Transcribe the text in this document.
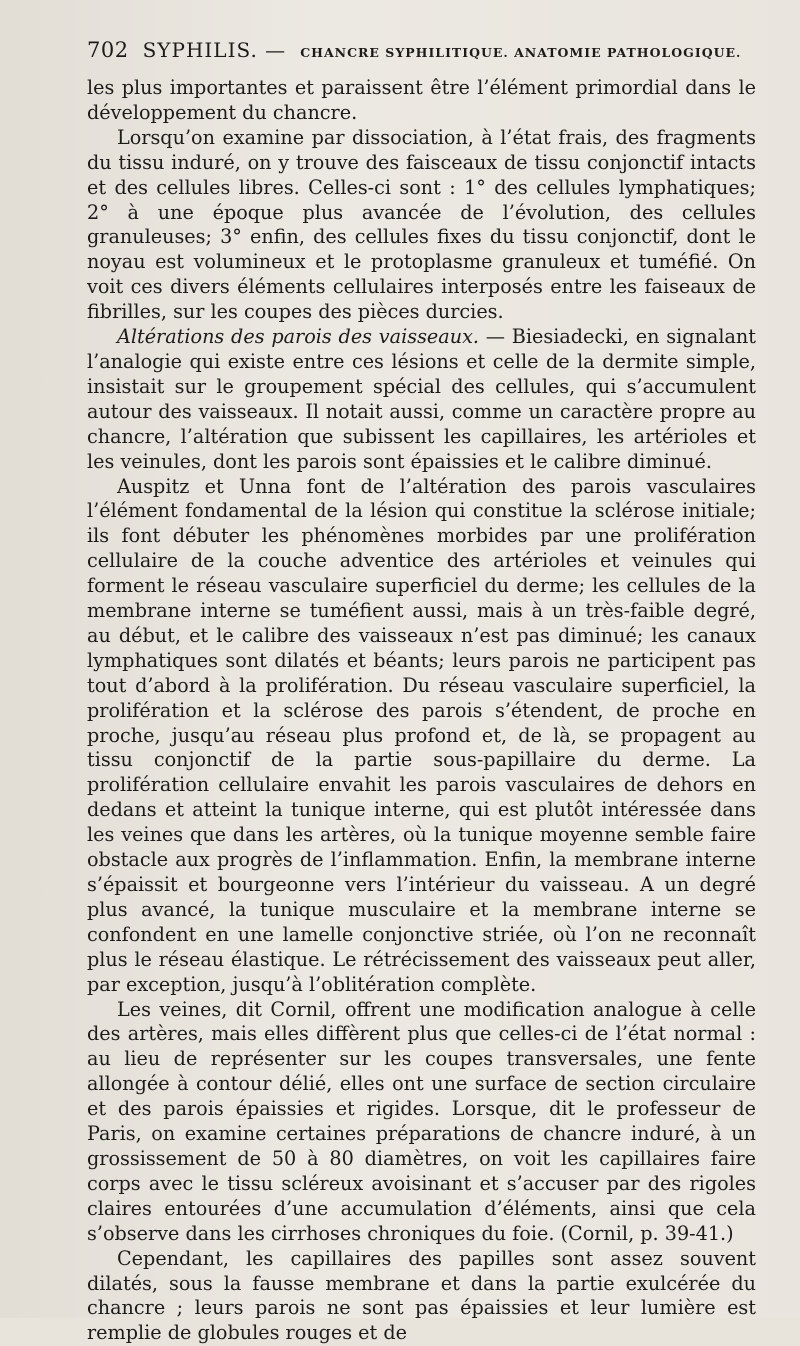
702 SYPHILIS. — CHANCRE SYPHILITIQUE. ANATOMIE PATHOLOGIQUE.

les plus importantes et paraissent être l’élément primordial dans le développement du chancre.

Lorsqu’on examine par dissociation, à l’état frais, des fragments du tissu induré, on y trouve des faisceaux de tissu conjonctif intacts et des cellules libres. Celles-ci sont : 1° des cellules lymphatiques; 2° à une époque plus avancée de l’évolution, des cellules granuleuses; 3° enfin, des cellules fixes du tissu conjonctif, dont le noyau est volumineux et le protoplasme granuleux et tuméfié. On voit ces divers éléments cellulaires interposés entre les faiseaux de fibrilles, sur les coupes des pièces durcies.

Altérations des parois des vaisseaux. — Biesiadecki, en signalant l’analogie qui existe entre ces lésions et celle de la dermite simple, insistait sur le groupement spécial des cellules, qui s’accumulent autour des vaisseaux. Il notait aussi, comme un caractère propre au chancre, l’altération que subissent les capillaires, les artérioles et les veinules, dont les parois sont épaissies et le calibre diminué.

Auspitz et Unna font de l’altération des parois vasculaires l’élément fondamental de la lésion qui constitue la sclérose initiale; ils font débuter les phénomènes morbides par une prolifération cellulaire de la couche adventice des artérioles et veinules qui forment le réseau vasculaire superficiel du derme; les cellules de la membrane interne se tuméfient aussi, mais à un très-faible degré, au début, et le calibre des vaisseaux n’est pas diminué; les canaux lymphatiques sont dilatés et béants; leurs parois ne participent pas tout d’abord à la prolifération. Du réseau vasculaire superficiel, la prolifération et la sclérose des parois s’étendent, de proche en proche, jusqu’au réseau plus profond et, de là, se propagent au tissu conjonctif de la partie sous-papillaire du derme. La prolifération cellulaire envahit les parois vasculaires de dehors en dedans et atteint la tunique interne, qui est plutôt intéressée dans les veines que dans les artères, où la tunique moyenne semble faire obstacle aux progrès de l’inflammation. Enfin, la membrane interne s’épaissit et bourgeonne vers l’intérieur du vaisseau. A un degré plus avancé, la tunique musculaire et la membrane interne se confondent en une lamelle conjonctive striée, où l’on ne reconnaît plus le réseau élastique. Le rétrécissement des vaisseaux peut aller, par exception, jusqu’à l’oblitération complète.

Les veines, dit Cornil, offrent une modification analogue à celle des artères, mais elles diffèrent plus que celles-ci de l’état normal : au lieu de représenter sur les coupes transversales, une fente allongée à contour délié, elles ont une surface de section circulaire et des parois épaissies et rigides. Lorsque, dit le professeur de Paris, on examine certaines préparations de chancre induré, à un grossissement de 50 à 80 diamètres, on voit les capillaires faire corps avec le tissu scléreux avoisinant et s’accuser par des rigoles claires entourées d’une accumulation d’éléments, ainsi que cela s’observe dans les cirrhoses chroniques du foie. (Cornil, p. 39-41.)

Cependant, les capillaires des papilles sont assez souvent dilatés, sous la fausse membrane et dans la partie exulcérée du chancre ; leurs parois ne sont pas épaissies et leur lumière est remplie de globules rouges et de
